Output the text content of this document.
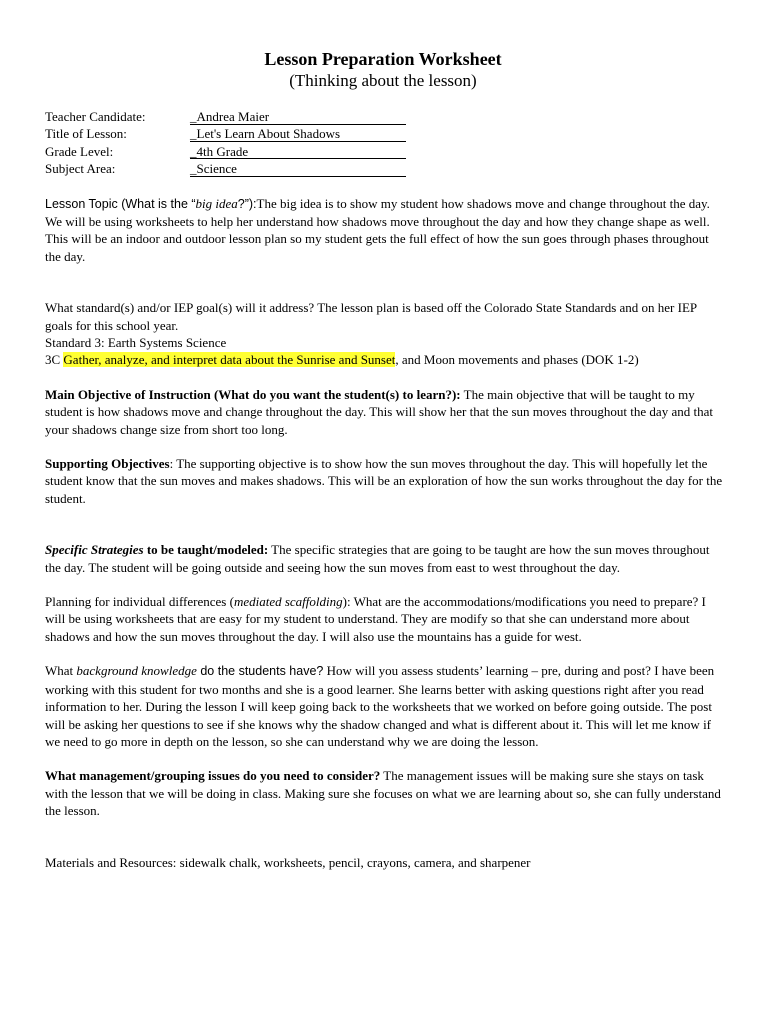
Lesson Preparation Worksheet
(Thinking about the lesson)
Teacher Candidate:	_Andrea Maier
Title of Lesson:	_Let's Learn About Shadows
Grade Level:	_4th Grade
Subject Area:	_Science

Lesson Topic (What is the “big idea?”):The big idea is to show my student how shadows move and change throughout the day. We will be using worksheets to help her understand how shadows move throughout the day and how they change shape as well. This will be an indoor and outdoor lesson plan so my student gets the full effect of how the sun goes through phases throughout the day.

What standard(s) and/or IEP goal(s) will it address? The lesson plan is based off the Colorado State Standards and on her IEP goals for this school year.

Standard 3: Earth Systems Science

3C Gather, analyze, and interpret data about the Sunrise and Sunset, and Moon movements and phases (DOK 1-2)

Main Objective of Instruction (What do you want the student(s) to learn?): The main objective that will be taught to my student is how shadows move and change throughout the day. This will show her that the sun moves throughout the day and that your shadows change size from short too long.

Supporting Objectives: The supporting objective is to show how the sun moves throughout the day. This will hopefully let the student know that the sun moves and makes shadows. This will be an exploration of how the sun works throughout the day for the student.

Specific Strategies to be taught/modeled: The specific strategies that are going to be taught are how the sun moves throughout the day. The student will be going outside and seeing how the sun moves from east to west throughout the day.

Planning for individual differences (mediated scaffolding): What are the accommodations/modifications you need to prepare? I will be using worksheets that are easy for my student to understand. They are modify so that she can understand more about shadows and how the sun moves throughout the day. I will also use the mountains has a guide for west.

What background knowledge do the students have? How will you assess students’ learning – pre, during and post? I have been working with this student for two months and she is a good learner. She learns better with asking questions right after you read information to her. During the lesson I will keep going back to the worksheets that we worked on before going outside. The post will be asking her questions to see if she knows why the shadow changed and what is different about it. This will let me know if we need to go more in depth on the lesson, so she can understand why we are doing the lesson.

What management/grouping issues do you need to consider? The management issues will be making sure she stays on task with the lesson that we will be doing in class. Making sure she focuses on what we are learning about so, she can fully understand the lesson.

Materials and Resources: sidewalk chalk, worksheets, pencil, crayons, camera, and sharpener
